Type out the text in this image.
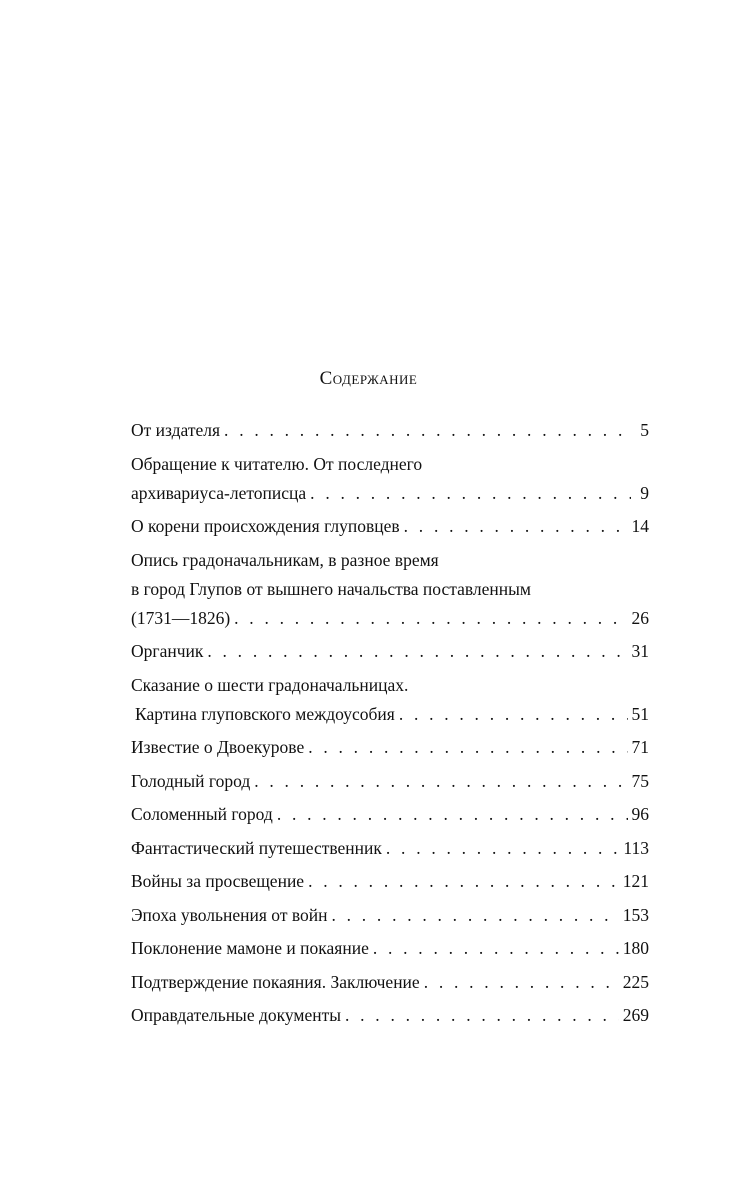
Содержание
От издателя . . .	5
Обращение к читателю. От последнего
архивариуса-летописца . . .	9
О корени происхождения глуповцев . . .	14
Опись градоначальникам, в разное время
в город Глупов от вышнего начальства поставленным
(1731—1826) . . .	26
Органчик . . .	31
Сказание о шести градоначальницах.
Картина глуповского междоусобия . . .	51
Известие о Двоекурове . . .	71
Голодный город . . .	75
Соломенный город . . .	96
Фантастический путешественник . . .	113
Войны за просвещение . . .	121
Эпоха увольнения от войн . . .	153
Поклонение мамоне и покаяние . . .	180
Подтверждение покаяния. Заключение . . .	225
Оправдательные документы . . .	269
